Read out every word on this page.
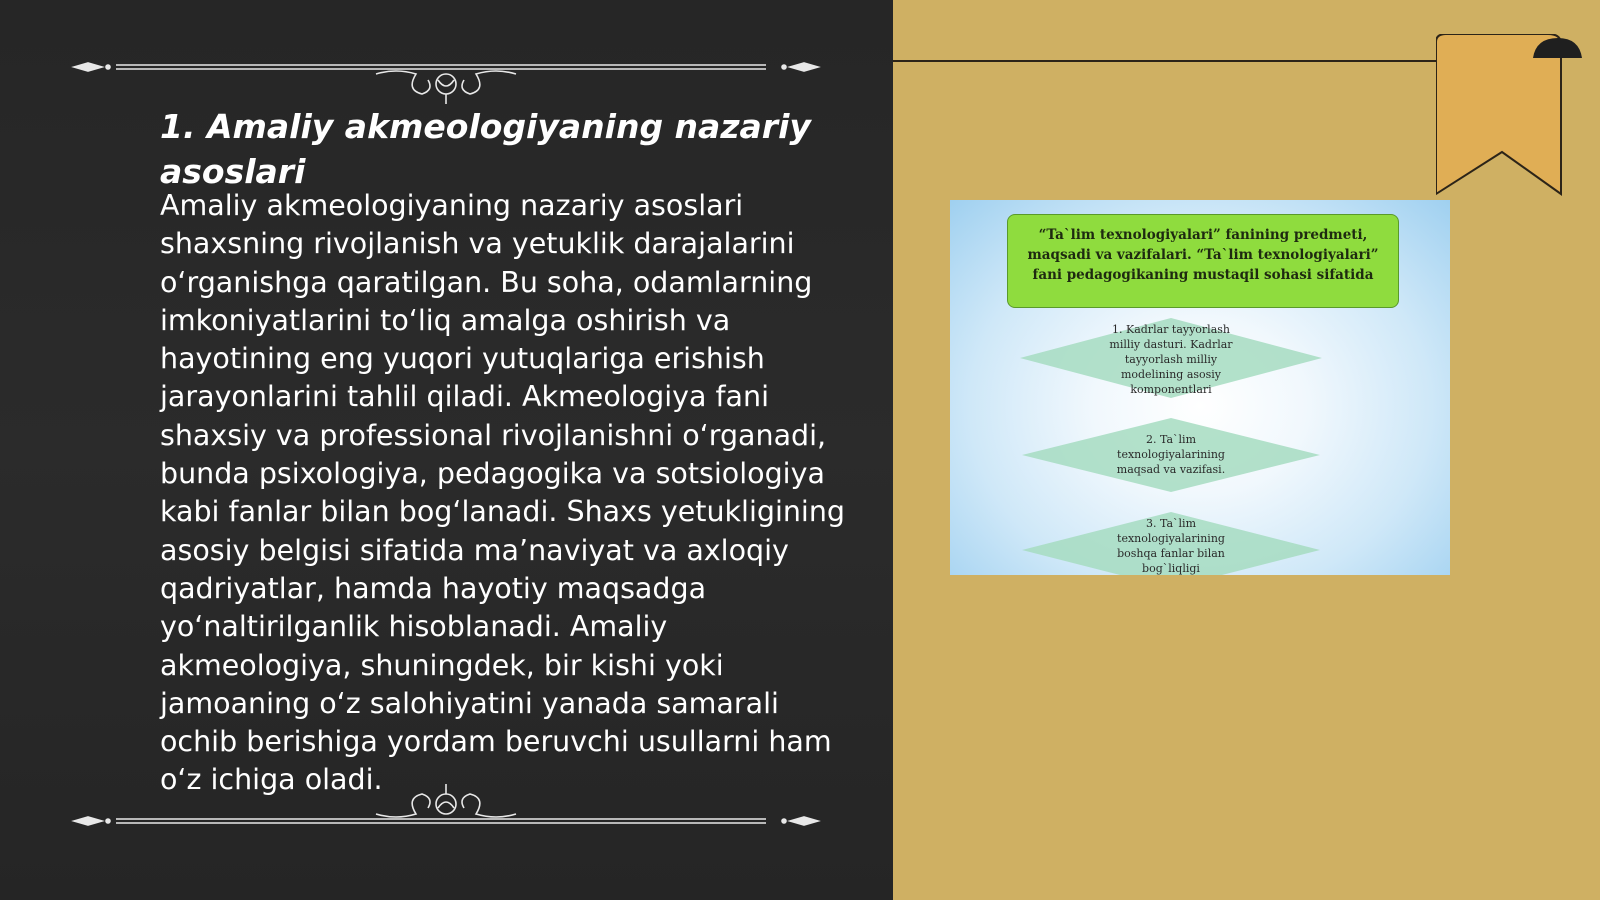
1. Amaliy akmeologiyaning nazariy asoslari

Amaliy akmeologiyaning nazariy asoslari shaxsning rivojlanish va yetuklik darajalarini o‘rganishga qaratilgan. Bu soha, odamlarning imkoniyatlarini to‘liq amalga oshirish va hayotining eng yuqori yutuqlariga erishish jarayonlarini tahlil qiladi. Akmeologiya fani shaxsiy va professional rivojlanishni o‘rganadi, bunda psixologiya, pedagogika va sotsiologiya kabi fanlar bilan bog‘lanadi. Shaxs yetukligining asosiy belgisi sifatida ma’naviyat va axloqiy qadriyatlar, hamda hayotiy maqsadga yo‘naltirilganlik hisoblanadi. Amaliy akmeologiya, shuningdek, bir kishi yoki jamoaning o‘z salohiyatini yanada samarali ochib berishiga yordam beruvchi usullarni ham o‘z ichiga oladi.

“Ta`lim texnologiyalari” fanining predmeti, maqsadi va vazifalari. “Ta`lim texnologiyalari” fani pedagogikaning mustaqil sohasi sifatida
1. Kadrlar tayyorlash milliy dasturi. Kadrlar tayyorlash milliy modelining asosiy komponentlari
2. Ta`lim texnologiyalarining maqsad va vazifasi.
3. Ta`lim texnologiyalarining boshqa fanlar bilan bog`liqligi
